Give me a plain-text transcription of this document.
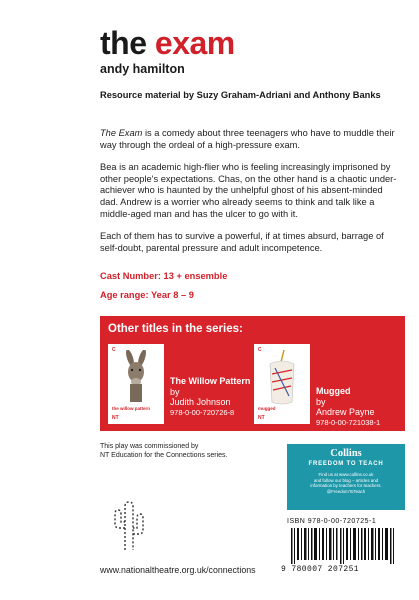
the exam
andy hamilton
Resource material by Suzy Graham-Adriani and Anthony Banks

The Exam is a comedy about three teenagers who have to muddle their way through the ordeal of a high-pressure exam.

Bea is an academic high-flier who is feeling increasingly imprisoned by other people's expectations. Chas, on the other hand is a chaotic under-achiever who is haunted by the unhelpful ghost of his absent-minded dad. Andrew is a worrier who already seems to think and talk like a middle-aged man and has the ulcer to go with it.

Each of them has to survive a powerful, if at times absurd, barrage of self-doubt, parental pressure and adult incompetence.

Cast Number: 13 + ensemble
Age range: Year 8 – 9
Other titles in the series:
C
the willow pattern
NT
The Willow Pattern
by
Judith Johnson
978-0-00-720726-8
C
mugged
NT
Mugged
by
Andrew Payne
978-0-00-721038-1
This play was commissioned by
NT Education for the Connections series.	Collins
FREEDOM TO TEACH
Find us at www.collins.co.uk
and follow our blog – articles and
information by teachers for teachers.
@FreedomToTeach
www.nationaltheatre.org.uk/connections
ISBN 978-0-00-720725-1
9 780007 207251
